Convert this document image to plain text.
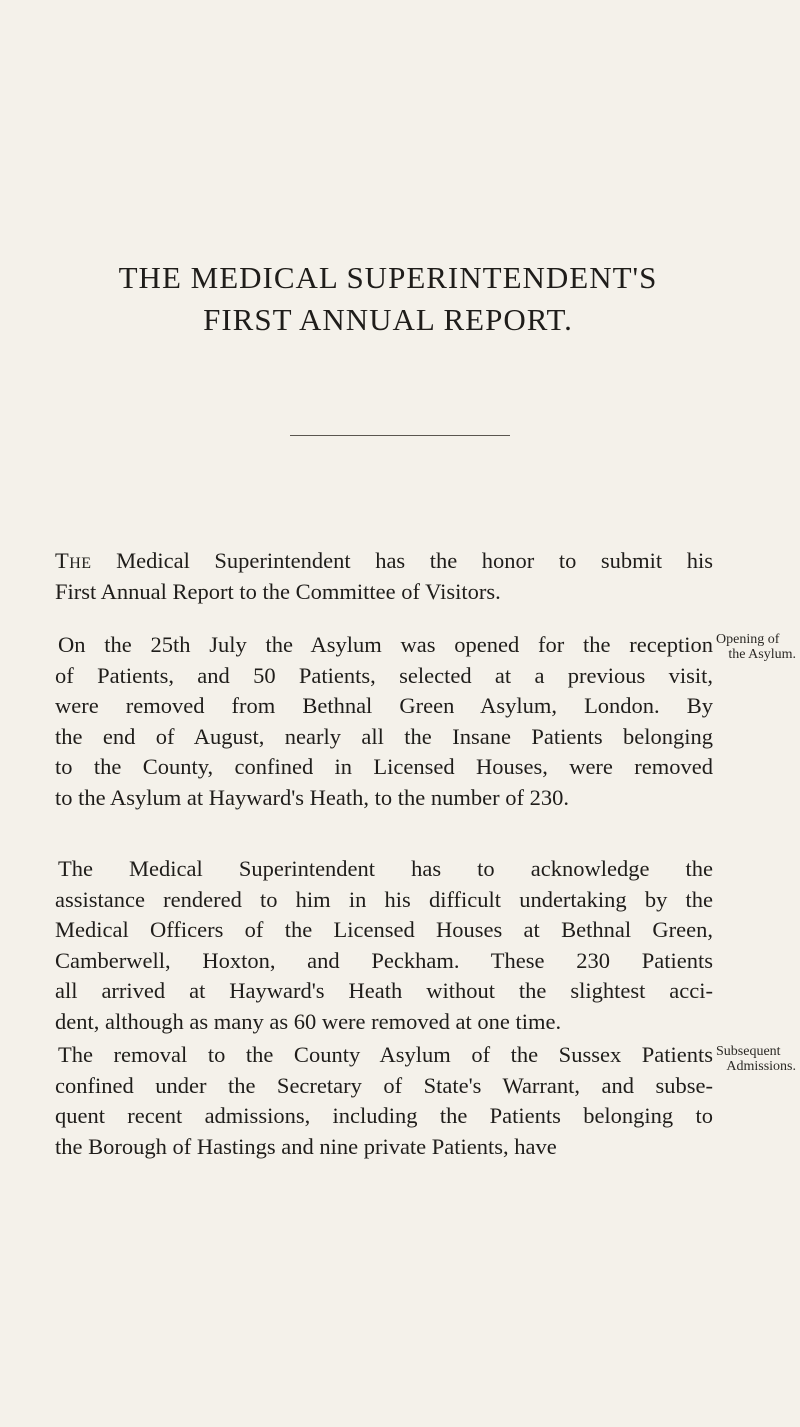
THE MEDICAL SUPERINTENDENT'S
FIRST ANNUAL REPORT.

The Medical Superintendent has the honor to submit his
First Annual Report to the Committee of Visitors.

On the 25th July the Asylum was opened for the reception
of Patients, and 50 Patients, selected at a previous visit,
were removed from Bethnal Green Asylum, London. By
the end of August, nearly all the Insane Patients belonging
to the County, confined in Licensed Houses, were removed
to the Asylum at Hayward's Heath, to the number of 230.

The Medical Superintendent has to acknowledge the
assistance rendered to him in his difficult undertaking by the
Medical Officers of the Licensed Houses at Bethnal Green,
Camberwell, Hoxton, and Peckham. These 230 Patients
all arrived at Hayward's Heath without the slightest acci-
dent, although as many as 60 were removed at one time.

The removal to the County Asylum of the Sussex Patients
confined under the Secretary of State's Warrant, and subse-
quent recent admissions, including the Patients belonging to
the Borough of Hastings and nine private Patients, have

Opening of
the Asylum.
Subsequent
Admissions.
